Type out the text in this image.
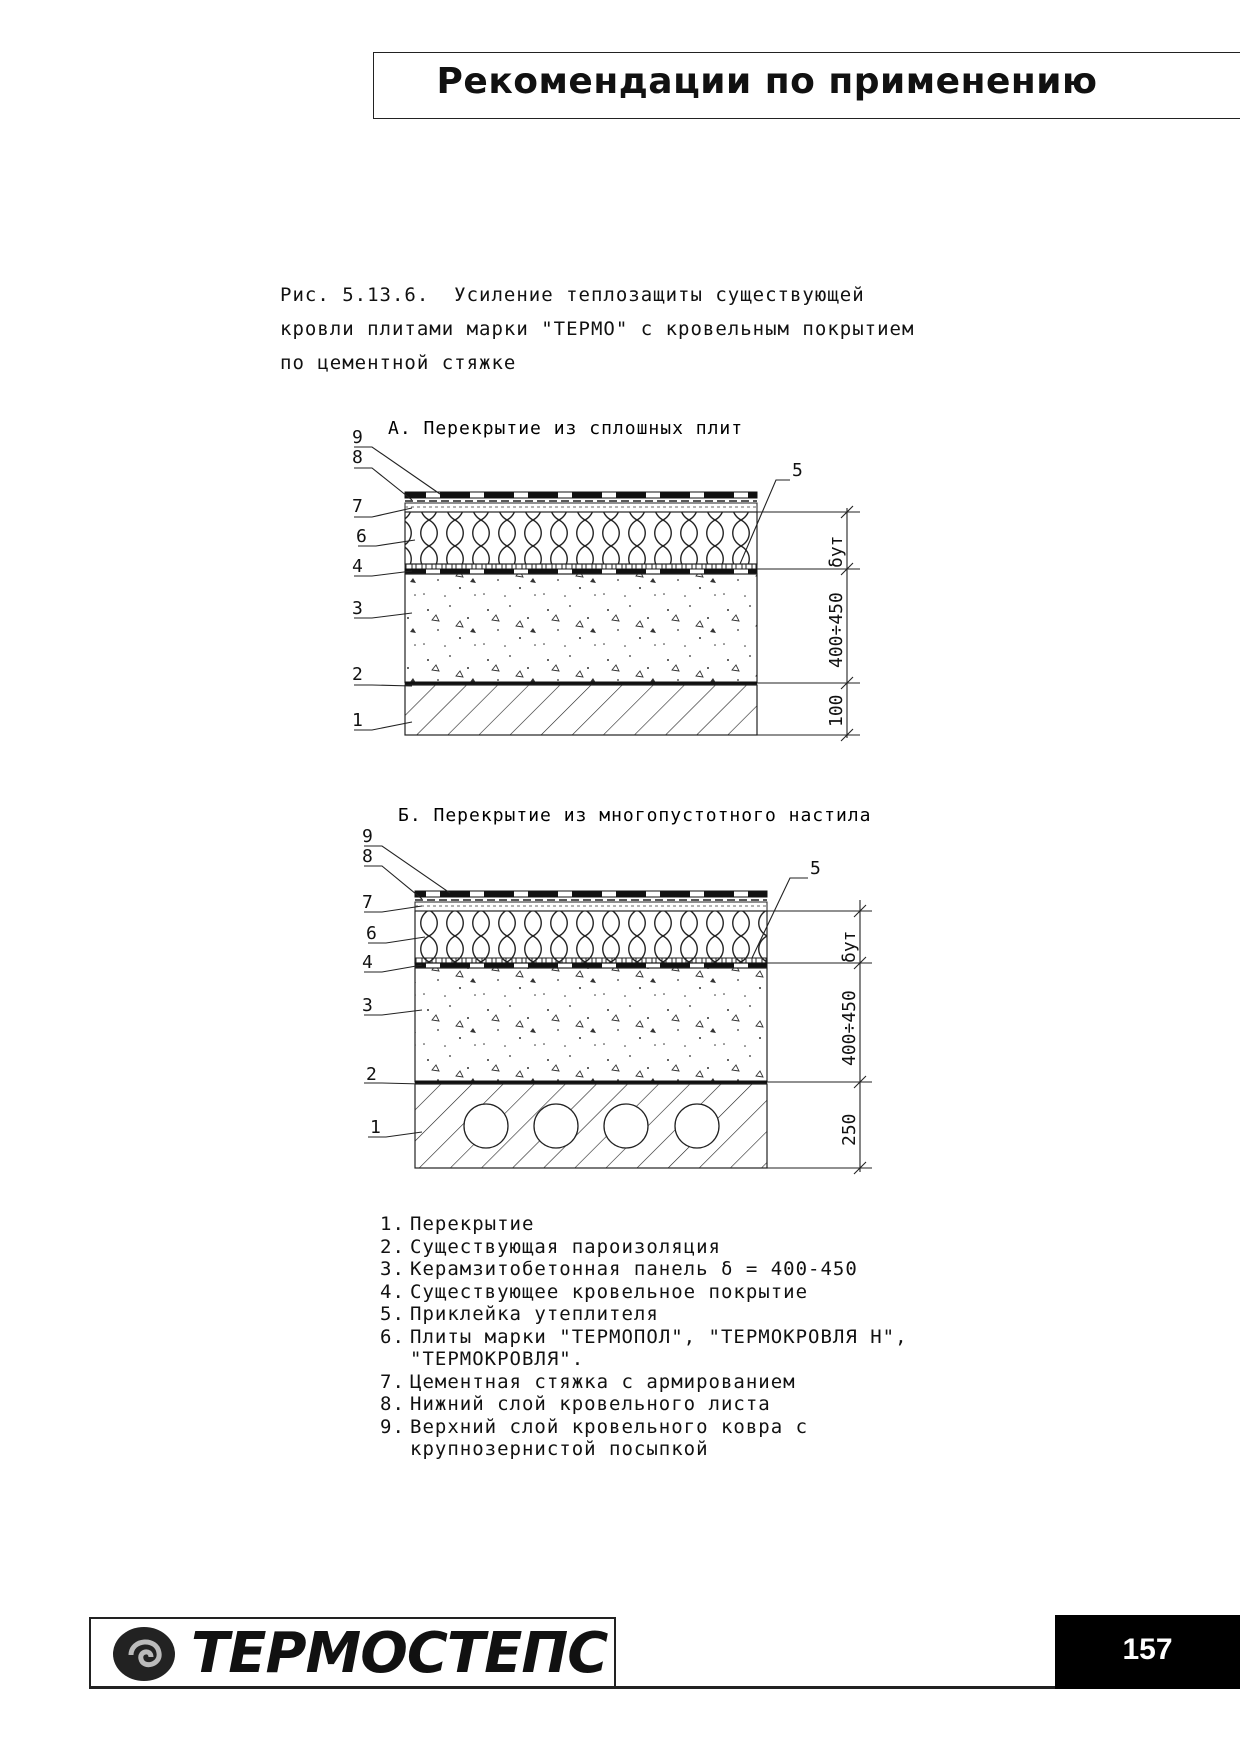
Рекомендации по применению
Рис. 5.13.6.  Усиление теплозащиты существующей
кровли плитами марки "ТЕРМО" с кровельным покрытием
по цементной стяжке
А. Перекрытие из сплошных плит
9
8
7
6
4
3
2
1
5
δут
400÷450
100
Б. Перекрытие из многопустотного настила
9
8
7
6
4
3
2
1
5
δут
400÷450
250
1. Перекрытие
2. Существующая пароизоляция
3. Керамзитобетонная панель δ = 400-450
4. Существующее кровельное покрытие
5. Приклейка утеплителя
6. Плиты марки "ТЕРМОПОЛ", "ТЕРМОКРОВЛЯ Н",
"ТЕРМОКРОВЛЯ".
7. Цементная стяжка с армированием
8. Нижний слой кровельного листа
9. Верхний слой кровельного ковра с
крупнозернистой посыпкой
ТЕРМОСТЕПС	157
